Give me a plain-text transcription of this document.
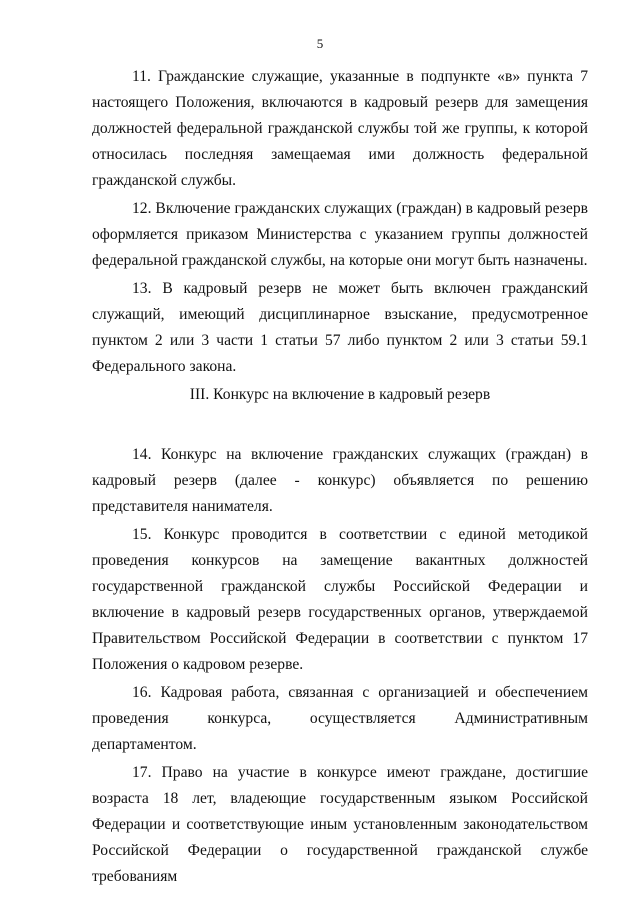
5

11. Гражданские служащие, указанные в подпункте «в» пункта 7 настоящего Положения, включаются в кадровый резерв для замещения должностей федеральной гражданской службы той же группы, к которой относилась последняя замещаемая ими должность федеральной гражданской службы.

12. Включение гражданских служащих (граждан) в кадровый резерв оформляется приказом Министерства с указанием группы должностей федеральной гражданской службы, на которые они могут быть назначены.

13. В кадровый резерв не может быть включен гражданский служащий, имеющий дисциплинарное взыскание, предусмотренное пунктом 2 или 3 части 1 статьи 57 либо пунктом 2 или 3 статьи 59.1 Федерального закона.

III. Конкурс на включение в кадровый резерв

14. Конкурс на включение гражданских служащих (граждан) в кадровый резерв (далее - конкурс) объявляется по решению представителя нанимателя.

15. Конкурс проводится в соответствии с единой методикой проведения конкурсов на замещение вакантных должностей государственной гражданской службы Российской Федерации и включение в кадровый резерв государственных органов, утверждаемой Правительством Российской Федерации в соответствии с пунктом 17 Положения о кадровом резерве.

16. Кадровая работа, связанная с организацией и обеспечением проведения конкурса, осуществляется Административным департаментом.

17. Право на участие в конкурсе имеют граждане, достигшие возраста 18 лет, владеющие государственным языком Российской Федерации и соответствующие иным установленным законодательством Российской Федерации о государственной гражданской службе требованиям
